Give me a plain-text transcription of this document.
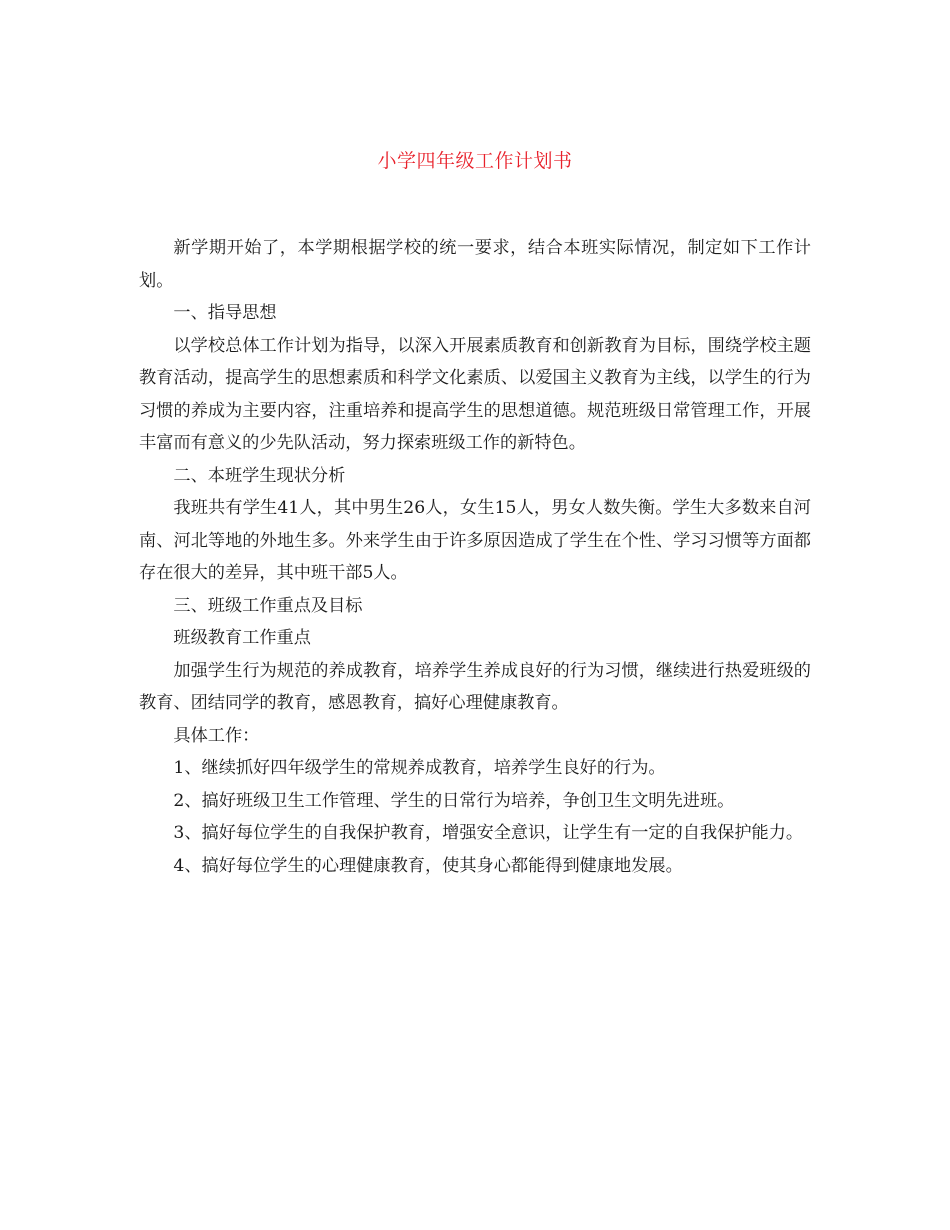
小学四年级工作计划书

新学期开始了，本学期根据学校的统一要求，结合本班实际情况，制定如下工作计划。

一、指导思想

以学校总体工作计划为指导，以深入开展素质教育和创新教育为目标，围绕学校主题教育活动，提高学生的思想素质和科学文化素质、以爱国主义教育为主线，以学生的行为习惯的养成为主要内容，注重培养和提高学生的思想道德。规范班级日常管理工作，开展丰富而有意义的少先队活动，努力探索班级工作的新特色。

二、本班学生现状分析

我班共有学生41人，其中男生26人，女生15人，男女人数失衡。学生大多数来自河南、河北等地的外地生多。外来学生由于许多原因造成了学生在个性、学习习惯等方面都存在很大的差异，其中班干部5人。

三、班级工作重点及目标

班级教育工作重点

加强学生行为规范的养成教育，培养学生养成良好的行为习惯，继续进行热爱班级的教育、团结同学的教育，感恩教育，搞好心理健康教育。

具体工作：

1、继续抓好四年级学生的常规养成教育，培养学生良好的行为。

2、搞好班级卫生工作管理、学生的日常行为培养，争创卫生文明先进班。

3、搞好每位学生的自我保护教育，增强安全意识，让学生有一定的自我保护能力。

4、搞好每位学生的心理健康教育，使其身心都能得到健康地发展。
